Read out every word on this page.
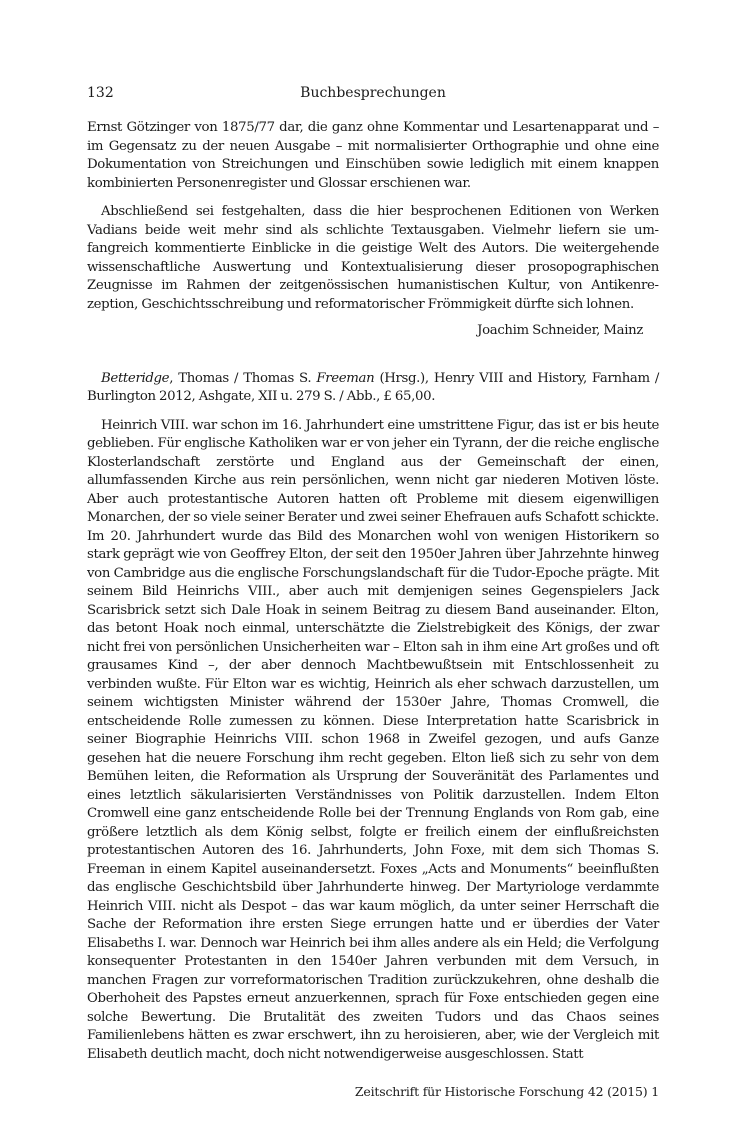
132	Buchbesprechungen

Ernst Götzinger von 1875/77 dar, die ganz ohne Kommentar und Lesartenapparat und – im Gegensatz zu der neuen Ausgabe – mit normalisierter Orthographie und ohne eine Dokumentation von Streichungen und Einschüben sowie lediglich mit einem knappen kombinierten Personenregister und Glossar erschienen war.

Abschließend sei festgehalten, dass die hier besprochenen Editionen von Werken Vadians beide weit mehr sind als schlichte Textausgaben. Vielmehr liefern sie umfangreich kommentierte Einblicke in die geistige Welt des Autors. Die weitergehende wissenschaftliche Auswertung und Kontextualisierung dieser prosopographischen Zeugnisse im Rahmen der zeitgenössischen humanistischen Kultur, von Antikenrezeption, Geschichtsschreibung und reformatorischer Frömmigkeit dürfte sich lohnen.

Joachim Schneider, Mainz

Betteridge, Thomas / Thomas S. Freeman (Hrsg.), Henry VIII and History, Farnham / Burlington 2012, Ashgate, XII u. 279 S. / Abb., £ 65,00.

Heinrich VIII. war schon im 16. Jahrhundert eine umstrittene Figur, das ist er bis heute geblieben. Für englische Katholiken war er von jeher ein Tyrann, der die reiche englische Klosterlandschaft zerstörte und England aus der Gemeinschaft der einen, allumfassenden Kirche aus rein persönlichen, wenn nicht gar niederen Motiven löste. Aber auch protestantische Autoren hatten oft Probleme mit diesem eigenwilligen Monarchen, der so viele seiner Berater und zwei seiner Ehefrauen aufs Schafott schickte. Im 20. Jahrhundert wurde das Bild des Monarchen wohl von wenigen Historikern so stark geprägt wie von Geoffrey Elton, der seit den 1950er Jahren über Jahrzehnte hinweg von Cambridge aus die englische Forschungslandschaft für die Tudor-Epoche prägte. Mit seinem Bild Heinrichs VIII., aber auch mit demjenigen seines Gegenspielers Jack Scarisbrick setzt sich Dale Hoak in seinem Beitrag zu diesem Band auseinander. Elton, das betont Hoak noch einmal, unterschätzte die Zielstrebigkeit des Königs, der zwar nicht frei von persönlichen Unsicherheiten war – Elton sah in ihm eine Art großes und oft grausames Kind –, der aber dennoch Machtbewußtsein mit Entschlossenheit zu verbinden wußte. Für Elton war es wichtig, Heinrich als eher schwach darzustellen, um seinem wichtigsten Minister während der 1530er Jahre, Thomas Cromwell, die entscheidende Rolle zumessen zu können. Diese Interpretation hatte Scarisbrick in seiner Biographie Heinrichs VIII. schon 1968 in Zweifel gezogen, und aufs Ganze gesehen hat die neuere Forschung ihm recht gegeben. Elton ließ sich zu sehr von dem Bemühen leiten, die Reformation als Ursprung der Souveränität des Parlamentes und eines letztlich säkularisierten Verständnisses von Politik darzustellen. Indem Elton Cromwell eine ganz entscheidende Rolle bei der Trennung Englands von Rom gab, eine größere letztlich als dem König selbst, folgte er freilich einem der einflußreichsten protestantischen Autoren des 16. Jahrhunderts, John Foxe, mit dem sich Thomas S. Freeman in einem Kapitel auseinandersetzt. Foxes „Acts and Monuments“ beeinflußten das englische Geschichtsbild über Jahrhunderte hinweg. Der Martyriologe verdammte Heinrich VIII. nicht als Despot – das war kaum möglich, da unter seiner Herrschaft die Sache der Reformation ihre ersten Siege errungen hatte und er überdies der Vater Elisabeths I. war. Dennoch war Heinrich bei ihm alles andere als ein Held; die Verfolgung konsequenter Protestanten in den 1540er Jahren verbunden mit dem Versuch, in manchen Fragen zur vorreformatorischen Tradition zurückzukehren, ohne deshalb die Oberhoheit des Papstes erneut anzuerkennen, sprach für Foxe entschieden gegen eine solche Bewertung. Die Brutalität des zweiten Tudors und das Chaos seines Familienlebens hätten es zwar erschwert, ihn zu heroisieren, aber, wie der Vergleich mit Elisabeth deutlich macht, doch nicht notwendigerweise ausgeschlossen. Statt

Zeitschrift für Historische Forschung 42 (2015) 1
